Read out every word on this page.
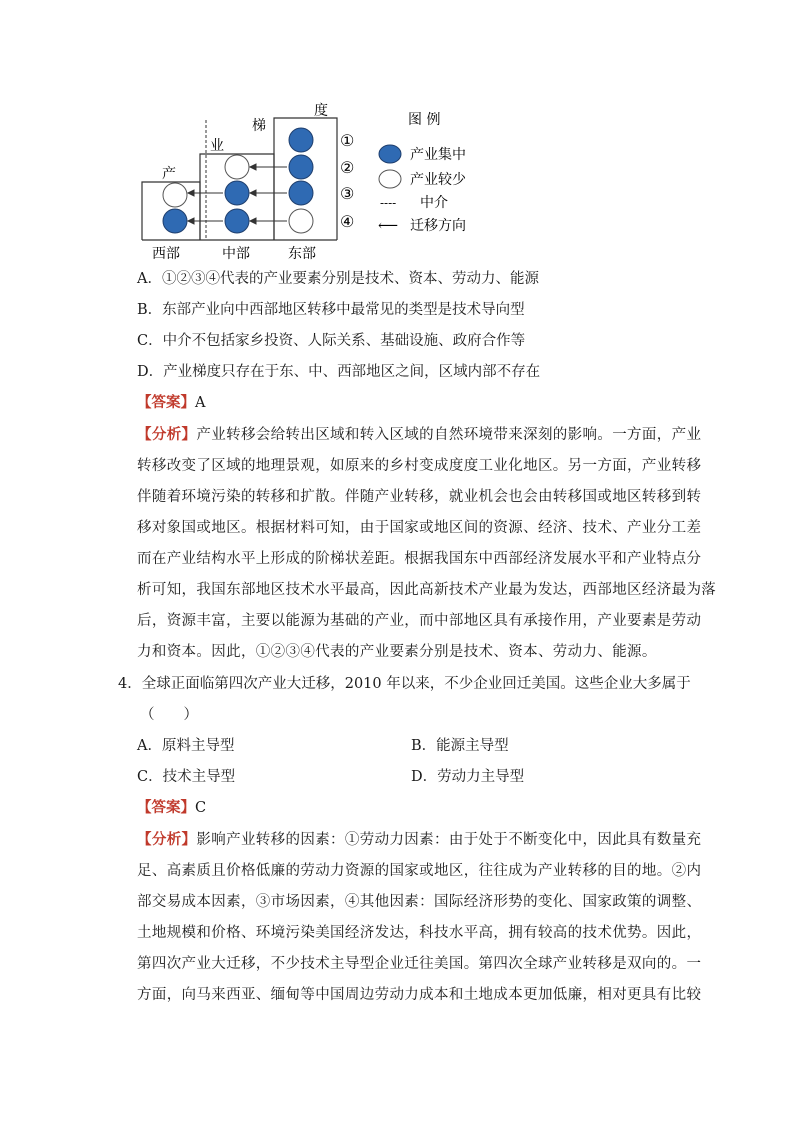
产
业
梯
度
①
②
③
④
西部	中部	东部
图 例
产业集中
产业较少
---- 中介
⟵ 迁移方向
A．①②③④代表的产业要素分别是技术、资本、劳动力、能源
B．东部产业向中西部地区转移中最常见的类型是技术导向型
C．中介不包括家乡投资、人际关系、基础设施、政府合作等
D．产业梯度只存在于东、中、西部地区之间，区域内部不存在
【答案】A
【分析】产业转移会给转出区域和转入区域的自然环境带来深刻的影响。一方面，产业
转移改变了区域的地理景观，如原来的乡村变成度度工业化地区。另一方面，产业转移
伴随着环境污染的转移和扩散。伴随产业转移，就业机会也会由转移国或地区转移到转
移对象国或地区。根据材料可知，由于国家或地区间的资源、经济、技术、产业分工差
而在产业结构水平上形成的阶梯状差距。根据我国东中西部经济发展水平和产业特点分
析可知，我国东部地区技术水平最高，因此高新技术产业最为发达，西部地区经济最为落
后，资源丰富，主要以能源为基础的产业，而中部地区具有承接作用，产业要素是劳动
力和资本。因此，①②③④代表的产业要素分别是技术、资本、劳动力、能源。
4．全球正面临第四次产业大迁移，2010 年以来，不少企业回迁美国。这些企业大多属于
（　　）
A．原料主导型	B．能源主导型
C．技术主导型	D．劳动力主导型
【答案】C
【分析】影响产业转移的因素：①劳动力因素：由于处于不断变化中，因此具有数量充
足、高素质且价格低廉的劳动力资源的国家或地区，往往成为产业转移的目的地。②内
部交易成本因素，③市场因素，④其他因素：国际经济形势的变化、国家政策的调整、
土地规模和价格、环境污染美国经济发达，科技水平高，拥有较高的技术优势。因此，
第四次产业大迁移，不少技术主导型企业迁往美国。第四次全球产业转移是双向的。一
方面，向马来西亚、缅甸等中国周边劳动力成本和土地成本更加低廉，相对更具有比较
